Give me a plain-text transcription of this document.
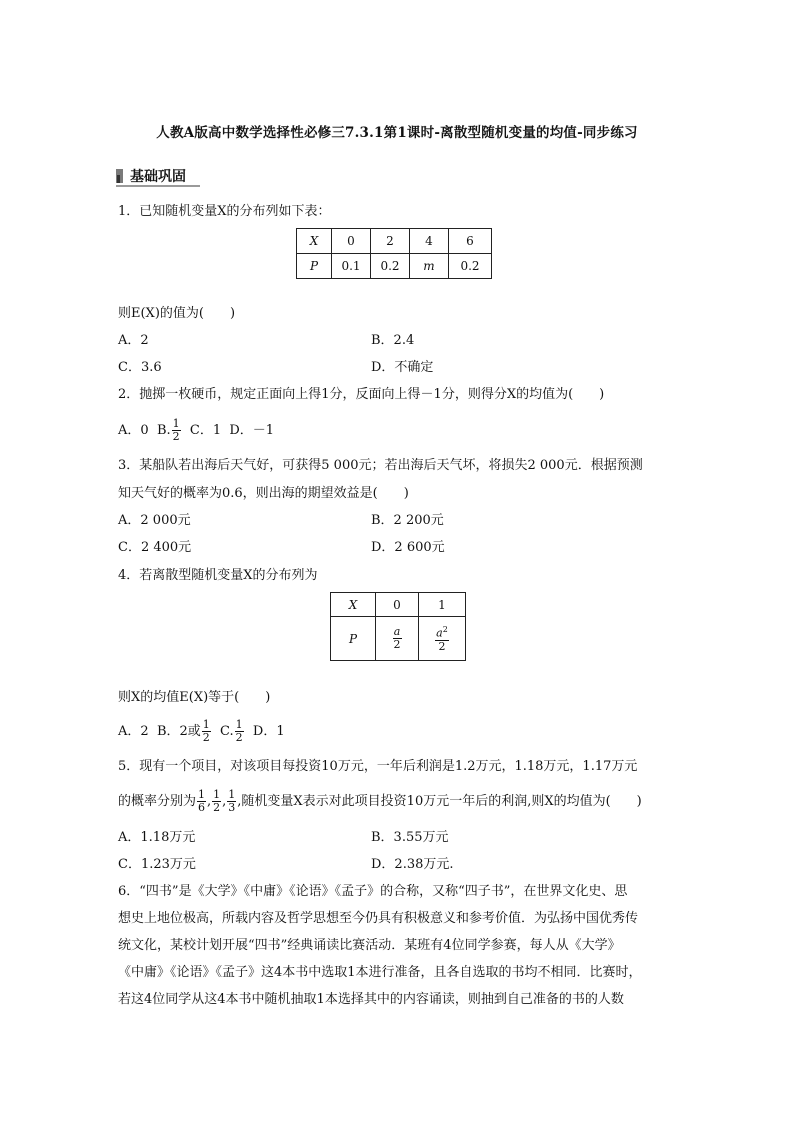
人教A版高中数学选择性必修三7.3.1第1课时-离散型随机变量的均值-同步练习
基础巩固
1．已知随机变量X的分布列如下表：
X	0	2	4	6
P	0.1	0.2	m	0.2
则E(X)的值为(　　)
A．2	B．2.4
C．3.6	D．不确定
2．抛掷一枚硬币，规定正面向上得1分，反面向上得－1分，则得分X的均值为(　　)
A．0 B. $\frac{1}{2}$ C．1 D．－1
3．某船队若出海后天气好，可获得5 000元；若出海后天气坏，将损失2 000元．根据预测
知天气好的概率为0.6，则出海的期望效益是(　　)
A．2 000元	B．2 200元
C．2 400元	D．2 600元
4．若离散型随机变量X的分布列为
X	0	1
P	$\frac{a}{2}$	$\frac{a^2}{2}$
则X的均值E(X)等于(　　)
A．2 B．2或 $\frac{1}{2} C$. $\frac{1}{2}$ D．1
5．现有一个项目，对该项目每投资10万元，一年后利润是1.2万元，1.18万元，1.17万元
的概率分别为 $\frac{1}{6}$ , $\frac{1}{2}$ , $\frac{1}{3}$ ,随机变量X表示对此项目投资10万元一年后的利润,则X的均值为(　　)
A．1.18万元	B．3.55万元
C．1.23万元	D．2.38万元.
6．“四书”是《大学》《中庸》《论语》《孟子》的合称，又称“四子书”，在世界文化史、思
想史上地位极高，所载内容及哲学思想至今仍具有积极意义和参考价值．为弘扬中国优秀传
统文化，某校计划开展“四书”经典诵读比赛活动．某班有4位同学参赛，每人从《大学》
《中庸》《论语》《孟子》这4本书中选取1本进行准备，且各自选取的书均不相同．比赛时，
若这4位同学从这4本书中随机抽取1本选择其中的内容诵读，则抽到自己准备的书的人数
